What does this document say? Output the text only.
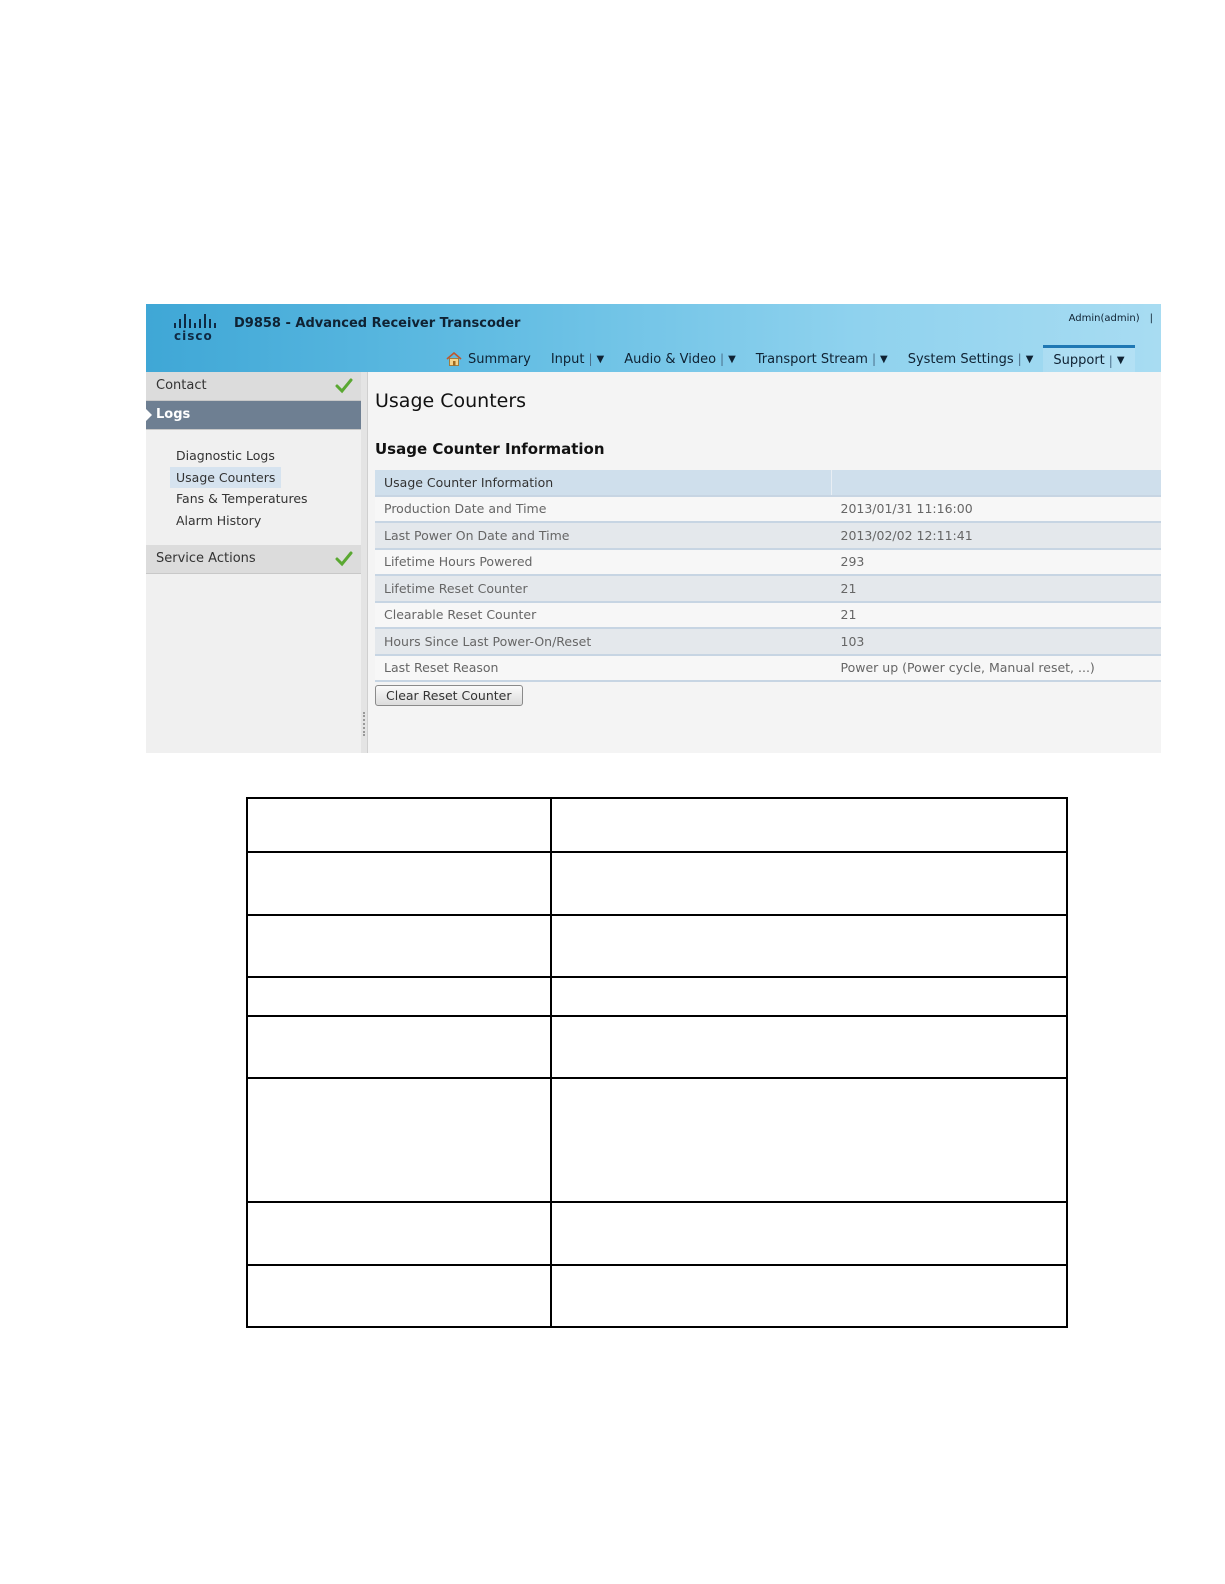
cisco
D9858 - Advanced Receiver Transcoder	Admin(admin) |
Summary Input | ▼ Audio & Video | ▼ Transport Stream | ▼ System Settings | ▼ Support | ▼
Contact
Logs
Diagnostic Logs
Usage Counters
Fans & Temperatures
Alarm History
Service Actions
Usage Counters
Usage Counter Information
Usage Counter Information	
Production Date and Time	2013/01/31 11:16:00
Last Power On Date and Time	2013/02/02 12:11:41
Lifetime Hours Powered	293
Lifetime Reset Counter	21
Clearable Reset Counter	21
Hours Since Last Power-On/Reset	103
Last Reset Reason	Power up (Power cycle, Manual reset, ...)
Clear Reset Counter
